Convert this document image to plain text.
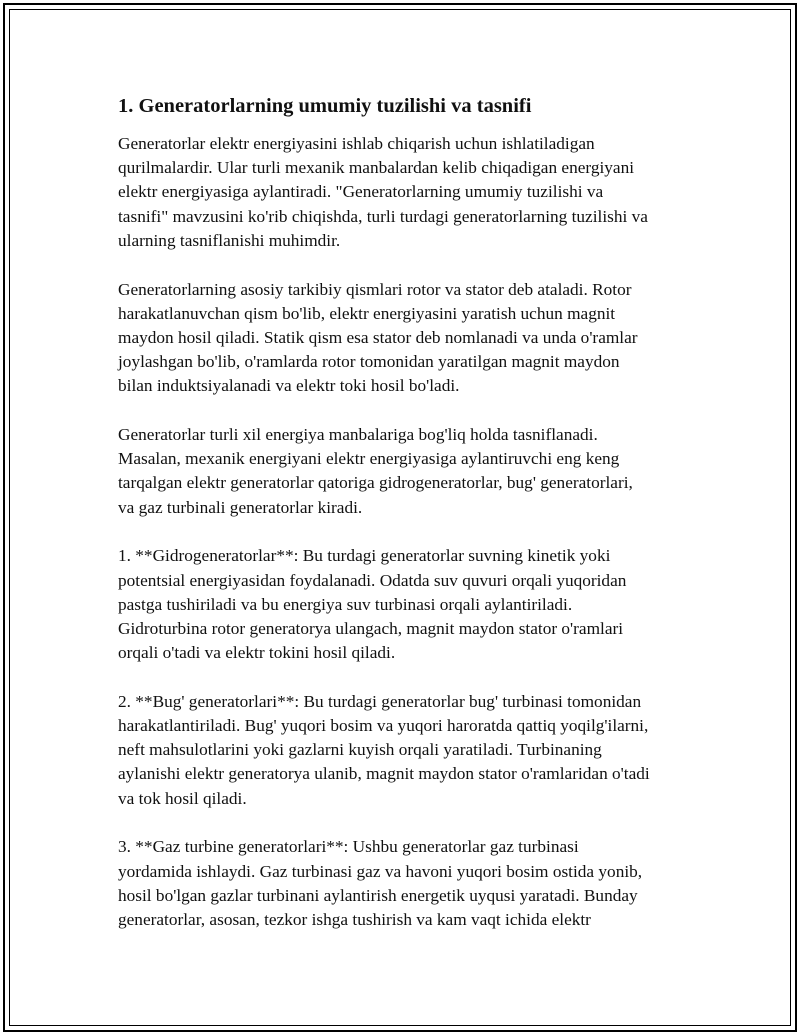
1. Generatorlarning umumiy tuzilishi va tasnifi
Generatorlar elektr energiyasini ishlab chiqarish uchun ishlatiladigan
qurilmalardir. Ular turli mexanik manbalardan kelib chiqadigan energiyani
elektr energiyasiga aylantiradi. "Generatorlarning umumiy tuzilishi va
tasnifi" mavzusini ko'rib chiqishda, turli turdagi generatorlarning tuzilishi va
ularning tasniflanishi muhimdir.
Generatorlarning asosiy tarkibiy qismlari rotor va stator deb ataladi. Rotor
harakatlanuvchan qism bo'lib, elektr energiyasini yaratish uchun magnit
maydon hosil qiladi. Statik qism esa stator deb nomlanadi va unda o'ramlar
joylashgan bo'lib, o'ramlarda rotor tomonidan yaratilgan magnit maydon
bilan induktsiyalanadi va elektr toki hosil bo'ladi.
Generatorlar turli xil energiya manbalariga bog'liq holda tasniflanadi.
Masalan, mexanik energiyani elektr energiyasiga aylantiruvchi eng keng
tarqalgan elektr generatorlar qatoriga gidrogeneratorlar, bug' generatorlari,
va gaz turbinali generatorlar kiradi.
1. **Gidrogeneratorlar**: Bu turdagi generatorlar suvning kinetik yoki
potentsial energiyasidan foydalanadi. Odatda suv quvuri orqali yuqoridan
pastga tushiriladi va bu energiya suv turbinasi orqali aylantiriladi.
Gidroturbina rotor generatorya ulangach, magnit maydon stator o'ramlari
orqali o'tadi va elektr tokini hosil qiladi.
2. **Bug' generatorlari**: Bu turdagi generatorlar bug' turbinasi tomonidan
harakatlantiriladi. Bug' yuqori bosim va yuqori haroratda qattiq yoqilg'ilarni,
neft mahsulotlarini yoki gazlarni kuyish orqali yaratiladi. Turbinaning
aylanishi elektr generatorya ulanib, magnit maydon stator o'ramlaridan o'tadi
va tok hosil qiladi.
3. **Gaz turbine generatorlari**: Ushbu generatorlar gaz turbinasi
yordamida ishlaydi. Gaz turbinasi gaz va havoni yuqori bosim ostida yonib,
hosil bo'lgan gazlar turbinani aylantirish energetik uyqusi yaratadi. Bunday
generatorlar, asosan, tezkor ishga tushirish va kam vaqt ichida elektr
